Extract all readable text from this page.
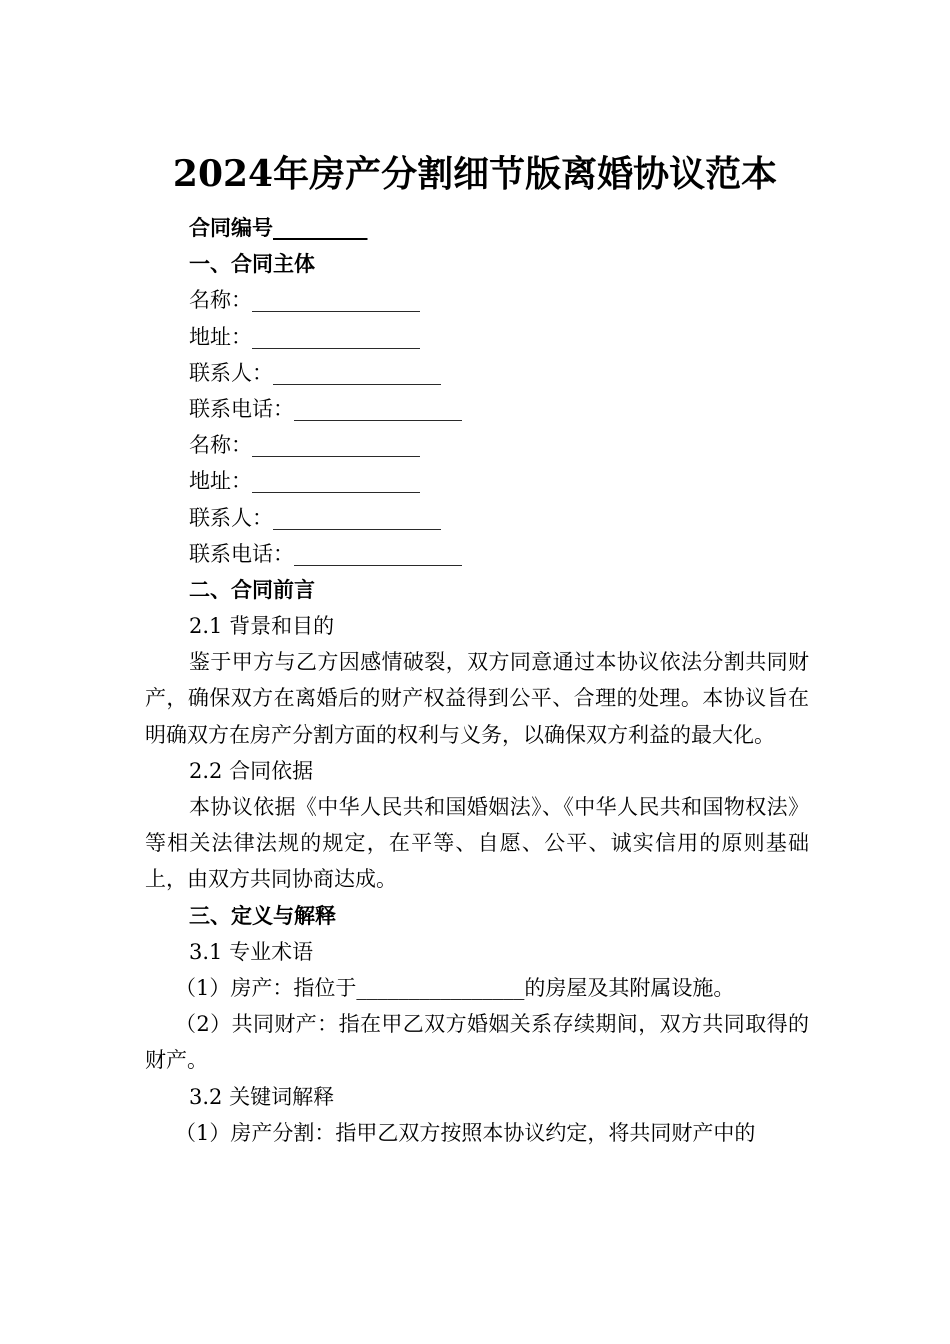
2024年房产分割细节版离婚协议范本
合同编号_________
一、合同主体
名称：________________
地址：________________
联系人：________________
联系电话：________________
名称：________________
地址：________________
联系人：________________
联系电话：________________
二、合同前言
2.1 背景和目的
鉴于甲方与乙方因感情破裂，双方同意通过本协议依法分割共同财产，确保双方在离婚后的财产权益得到公平、合理的处理。本协议旨在明确双方在房产分割方面的权利与义务，以确保双方利益的最大化。
2.2 合同依据
本协议依据《中华人民共和国婚姻法》、《中华人民共和国物权法》等相关法律法规的规定，在平等、自愿、公平、诚实信用的原则基础上，由双方共同协商达成。
三、定义与解释
3.1 专业术语
（1）房产：指位于________________的房屋及其附属设施。
（2）共同财产：指在甲乙双方婚姻关系存续期间，双方共同取得的财产。
3.2 关键词解释
（1）房产分割：指甲乙双方按照本协议约定，将共同财产中的
